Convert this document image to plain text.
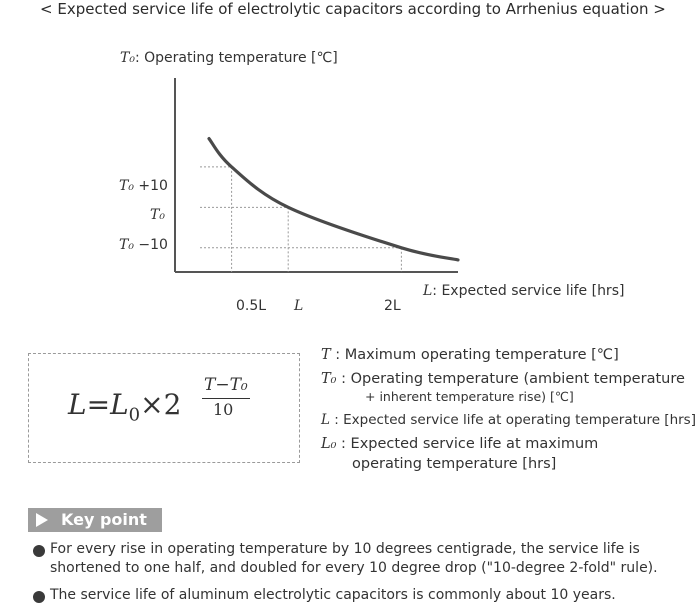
< Expected service life of electrolytic capacitors according to Arrhenius equation >
T₀: Operating temperature [℃]
T₀ +10
T₀
T₀ −10
0.5L L	2L
L: Expected service life [hrs]
$L=L_0\times 2$
T−T₀
10
T : Maximum operating temperature [℃]
T₀ : Operating temperature (ambient temperature
+ inherent temperature rise) [℃]
L : Expected service life at operating temperature [hrs]
L₀ : Expected service life at maximum
operating temperature [hrs]
Key point
For every rise in operating temperature by 10 degrees centigrade, the service life is
shortened to one half, and doubled for every 10 degree drop ("10-degree 2-fold" rule).
The service life of aluminum electrolytic capacitors is commonly about 10 years.
